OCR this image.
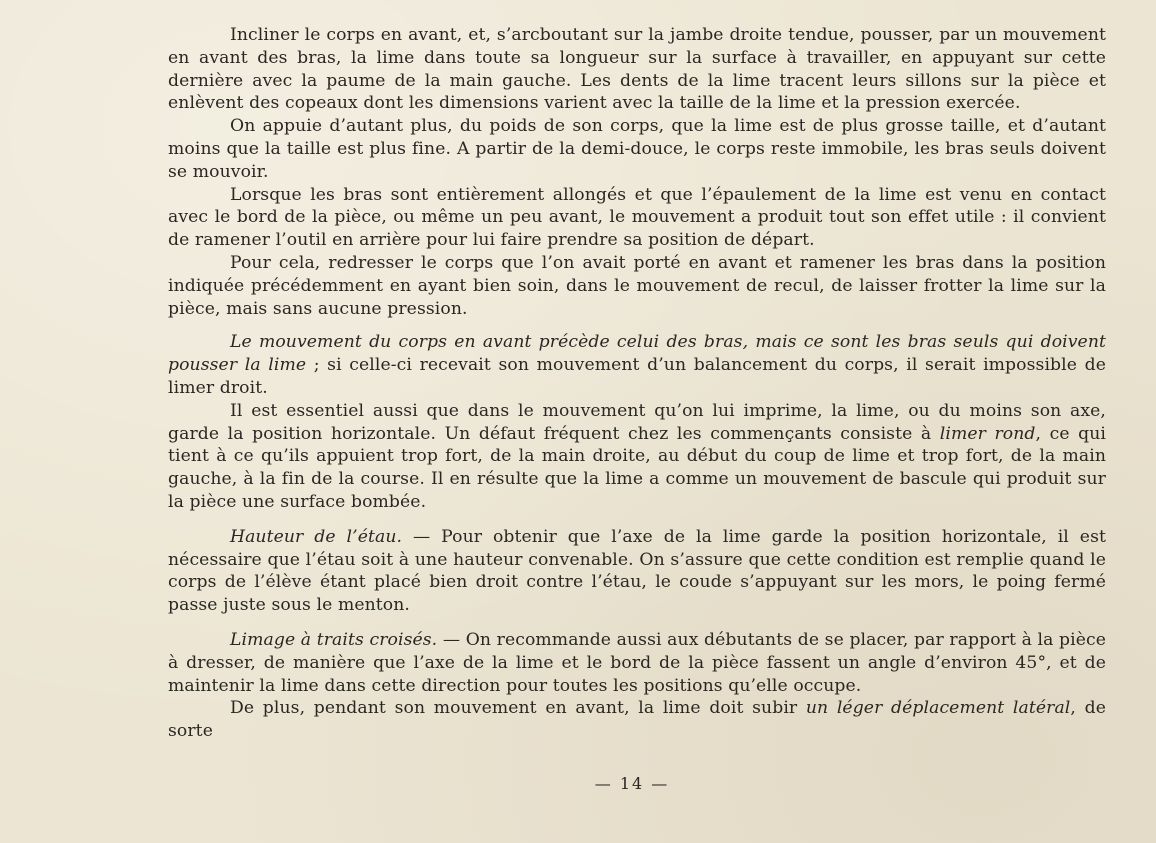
Incliner le corps en avant, et, s’arcboutant sur la jambe droite tendue, pousser, par un mouvement en avant des bras, la lime dans toute sa longueur sur la surface à travailler, en appuyant sur cette dernière avec la paume de la main gauche. Les dents de la lime tracent leurs sillons sur la pièce et enlèvent des copeaux dont les dimensions varient avec la taille de la lime et la pression exercée.

On appuie d’autant plus, du poids de son corps, que la lime est de plus grosse taille, et d’autant moins que la taille est plus fine. A partir de la demi-douce, le corps reste immobile, les bras seuls doivent se mouvoir.

Lorsque les bras sont entièrement allongés et que l’épaulement de la lime est venu en contact avec le bord de la pièce, ou même un peu avant, le mouvement a produit tout son effet utile : il convient de ramener l’outil en arrière pour lui faire prendre sa position de départ.

Pour cela, redresser le corps que l’on avait porté en avant et ramener les bras dans la position indiquée précédemment en ayant bien soin, dans le mouvement de recul, de laisser frotter la lime sur la pièce, mais sans aucune pression.

Le mouvement du corps en avant précède celui des bras, mais ce sont les bras seuls qui doivent pousser la lime ; si celle-ci recevait son mouvement d’un balancement du corps, il serait impossible de limer droit.

Il est essentiel aussi que dans le mouvement qu’on lui imprime, la lime, ou du moins son axe, garde la position horizontale. Un défaut fréquent chez les commençants consiste à limer rond, ce qui tient à ce qu’ils appuient trop fort, de la main droite, au début du coup de lime et trop fort, de la main gauche, à la fin de la course. Il en résulte que la lime a comme un mouvement de bascule qui produit sur la pièce une surface bombée.

Hauteur de l’étau. — Pour obtenir que l’axe de la lime garde la position horizontale, il est nécessaire que l’étau soit à une hauteur convenable. On s’assure que cette condition est remplie quand le corps de l’élève étant placé bien droit contre l’étau, le coude s’appuyant sur les mors, le poing fermé passe juste sous le menton.

Limage à traits croisés. — On recommande aussi aux débutants de se placer, par rapport à la pièce à dresser, de manière que l’axe de la lime et le bord de la pièce fassent un angle d’environ 45°, et de maintenir la lime dans cette direction pour toutes les positions qu’elle occupe.

De plus, pendant son mouvement en avant, la lime doit subir un léger déplacement latéral, de sorte

— 14 —
